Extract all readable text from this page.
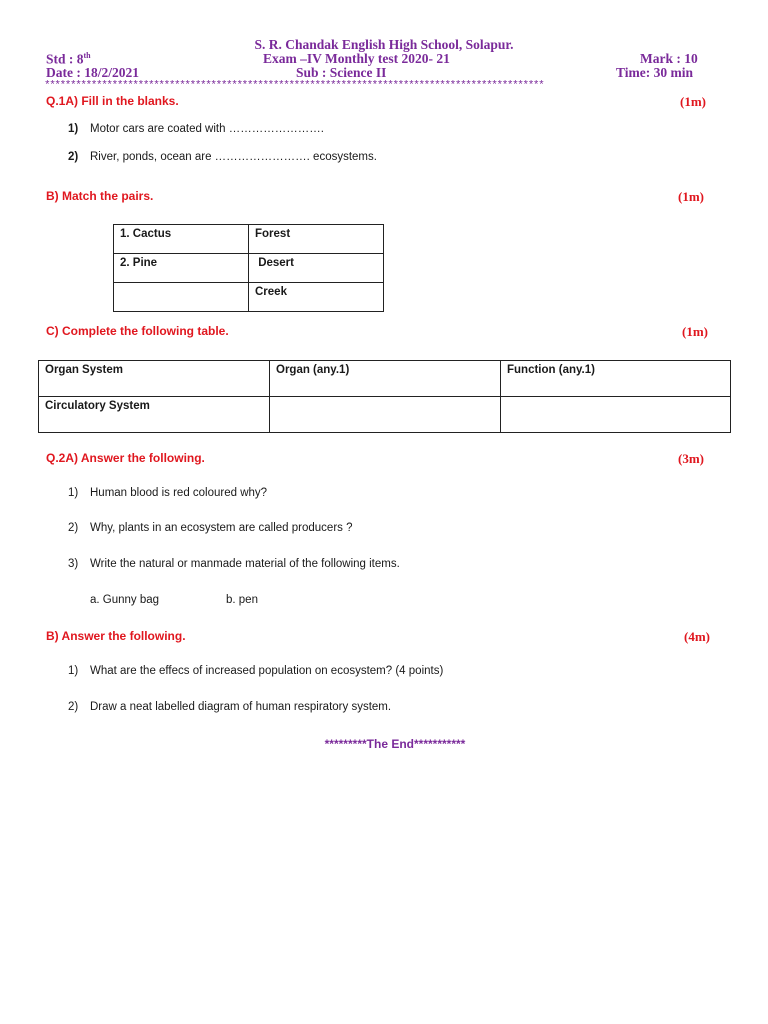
S. R. Chandak English High School, Solapur.
Std : 8th	Exam –IV Monthly test 2020- 21	Mark : 10
Date : 18/2/2021	Sub : Science II	Time: 30 min
************************************************************************************************
Q.1A) Fill in the blanks.	(1m)
1) Motor cars are coated with …………………….
2) River, ponds, ocean are ……………………. ecosystems.
B) Match the pairs.	(1m)
1. Cactus	Forest
2. Pine	Desert
	Creek
C) Complete the following table.	(1m)
Organ System	Organ (any.1)	Function (any.1)
Circulatory System		
Q.2A) Answer the following.	(3m)
1) Human blood is red coloured why?
2) Why, plants in an ecosystem are called producers ?
3) Write the natural or manmade material of the following items.
a. Gunny bag	b. pen
B) Answer the following.	(4m)
1) What are the effecs of increased population on ecosystem? (4 points)
2) Draw a neat labelled diagram of human respiratory system.
*********The End***********
